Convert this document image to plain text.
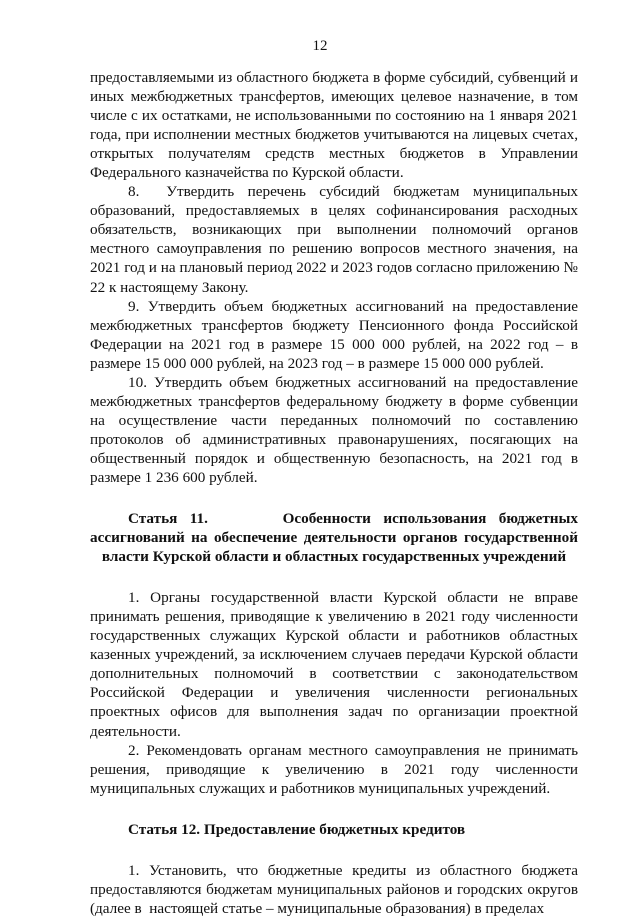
12

предоставляемыми из областного бюджета в форме субсидий, субвенций и иных межбюджетных трансфертов, имеющих целевое назначение, в том числе с их остатками, не использованными по состоянию на 1 января 2021 года, при исполнении местных бюджетов учитываются на лицевых счетах, открытых получателям средств местных бюджетов в Управлении Федерального казначейства по Курской области.

8.  Утвердить перечень субсидий бюджетам муниципальных образований, предоставляемых в целях софинансирования расходных обязательств, возникающих при выполнении полномочий органов местного самоуправления по решению вопросов местного значения, на 2021 год и на плановый период 2022 и 2023 годов согласно приложению № 22 к настоящему Закону.

9. Утвердить объем бюджетных ассигнований на предоставление межбюджетных трансфертов бюджету Пенсионного фонда Российской Федерации на 2021 год в размере 15 000 000 рублей, на 2022 год – в размере 15 000 000 рублей, на 2023 год – в размере 15 000 000 рублей.

10. Утвердить объем бюджетных ассигнований на предоставление межбюджетных трансфертов федеральному бюджету в форме субвенции на осуществление части переданных полномочий по составлению протоколов об административных правонарушениях, посягающих на общественный порядок и общественную безопасность, на 2021 год в размере 1 236 600 рублей.

Статья 11.      Особенности использования бюджетных ассигнований на обеспечение деятельности органов государственной власти Курской области и областных государственных учреждений

1. Органы государственной власти Курской области не вправе принимать решения, приводящие к увеличению в 2021 году численности государственных служащих Курской области и работников областных казенных учреждений, за исключением случаев передачи Курской области дополнительных полномочий в соответствии с законодательством Российской Федерации и увеличения численности региональных проектных офисов для выполнения задач по организации проектной деятельности.

2. Рекомендовать органам местного самоуправления не принимать решения, приводящие к увеличению в 2021 году численности муниципальных служащих и работников муниципальных учреждений.

Статья 12. Предоставление бюджетных кредитов

1. Установить, что бюджетные кредиты из областного бюджета предоставляются бюджетам муниципальных районов и городских округов (далее в  настоящей статье – муниципальные образования) в пределах
